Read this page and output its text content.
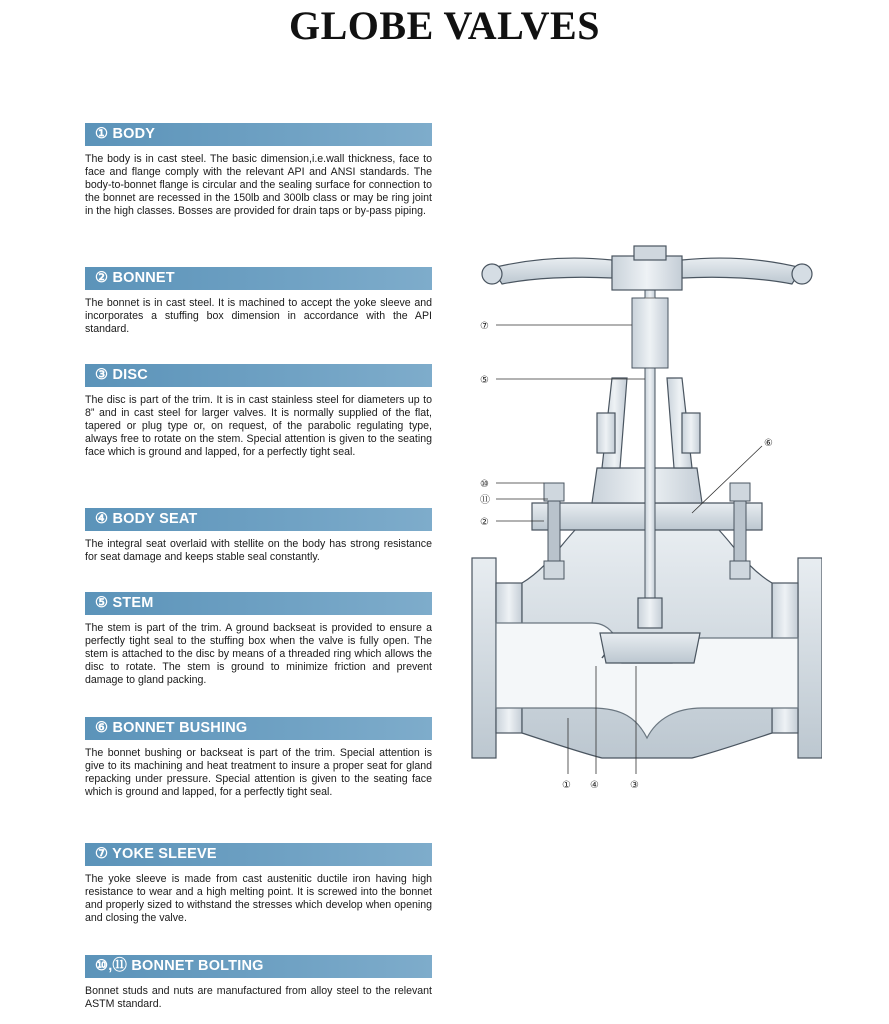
GLOBE VALVES
① BODY
The body is in cast steel. The basic dimension,i.e.wall thickness, face to face and flange comply with the relevant API and ANSI standards. The body-to-bonnet flange is circular and the sealing surface for connection to the bonnet are recessed in the 150lb and 300lb class or may be ring joint in the high classes. Bosses are provided for drain taps or by-pass piping.
② BONNET
The bonnet is in cast steel. It is machined to accept the yoke sleeve and incorporates a stuffing box dimension in accordance with the API standard.
③ DISC
The disc is part of the trim. It is in cast stainless steel for diameters up to 8” and in cast steel for larger valves. It is normally supplied of the flat, tapered or plug type or, on request, of the parabolic regulating type, always free to rotate on the stem. Special attention is given to the seating face which is ground and lapped, for a perfectly tight seal.
④ BODY SEAT
The integral seat overlaid with stellite on the body has strong resistance for seat damage and keeps stable seal constantly.
⑤ STEM
The stem is part of the trim. A ground backseat is provided to ensure a perfectly tight seal to the stuffing box when the valve is fully open. The stem is attached to the disc by means of a threaded ring which allows the disc to rotate. The stem is ground to minimize friction and prevent damage to gland packing.
⑥ BONNET BUSHING
The bonnet bushing or backseat is part of the trim. Special attention is give to its machining and heat treatment to insure a proper seat for gland repacking under pressure. Special attention is given to the seating face which is ground and lapped, for a perfectly tight seal.
⑦ YOKE SLEEVE
The yoke sleeve is made from cast austenitic ductile iron having high resistance to wear and a high melting point. It is screwed into the bonnet and properly sized to withstand the stresses which develop when opening and closing the valve.
⑩,⑪ BONNET BOLTING
Bonnet studs and nuts are manufactured from alloy steel to the relevant ASTM standard.
⑦
⑤
⑥
⑩
⑪
②
① ④	③
